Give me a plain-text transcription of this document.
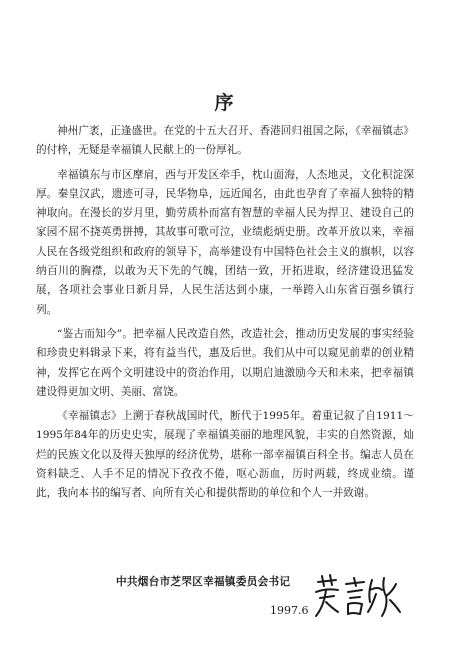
序

神州广袤，正逢盛世。在党的十五大召开、香港回归祖国之际，《幸福镇志》的付梓，无疑是幸福镇人民献上的一份厚礼。

幸福镇东与市区摩肩，西与开发区牵手，枕山面海，人杰地灵，文化积淀深厚。秦皇汉武，遗迹可寻，民华物阜，远近闻名，由此也孕育了幸福人独特的精神取向。在漫长的岁月里，勤劳质朴而富有智慧的幸福人民为捍卫、建设自己的家园不屈不挠英勇拼搏，其故事可歌可泣，业绩彪炳史册。改革开放以来，幸福人民在各级党组织和政府的领导下，高举建设有中国特色社会主义的旗帜，以容纳百川的胸襟，以敢为天下先的气魄，团结一致，开拓进取，经济建设迅猛发展，各项社会事业日新月异，人民生活达到小康，一举跨入山东省百强乡镇行列。

“鉴古而知今”。把幸福人民改造自然，改造社会，推动历史发展的事实经验和珍贵史料辑录下来，将有益当代，惠及后世。我们从中可以窥见前辈的创业精神，发挥它在两个文明建设中的资治作用，以期启迪激励今天和未来，把幸福镇建设得更加文明、美丽、富饶。

《幸福镇志》上溯于春秋战国时代，断代于1995年。着重记叙了自1911～1995年84年的历史史实，展现了幸福镇美丽的地理风貌，丰实的自然资源，灿烂的民族文化以及得天独厚的经济优势，堪称一部幸福镇百科全书。编志人员在资料缺乏、人手不足的情况下孜孜不倦，呕心沥血，历时两载，终成业绩。谨此，我向本书的编写者、向所有关心和提供帮助的单位和个人一并致谢。

中共烟台市芝罘区幸福镇委员会书记
1997.6
